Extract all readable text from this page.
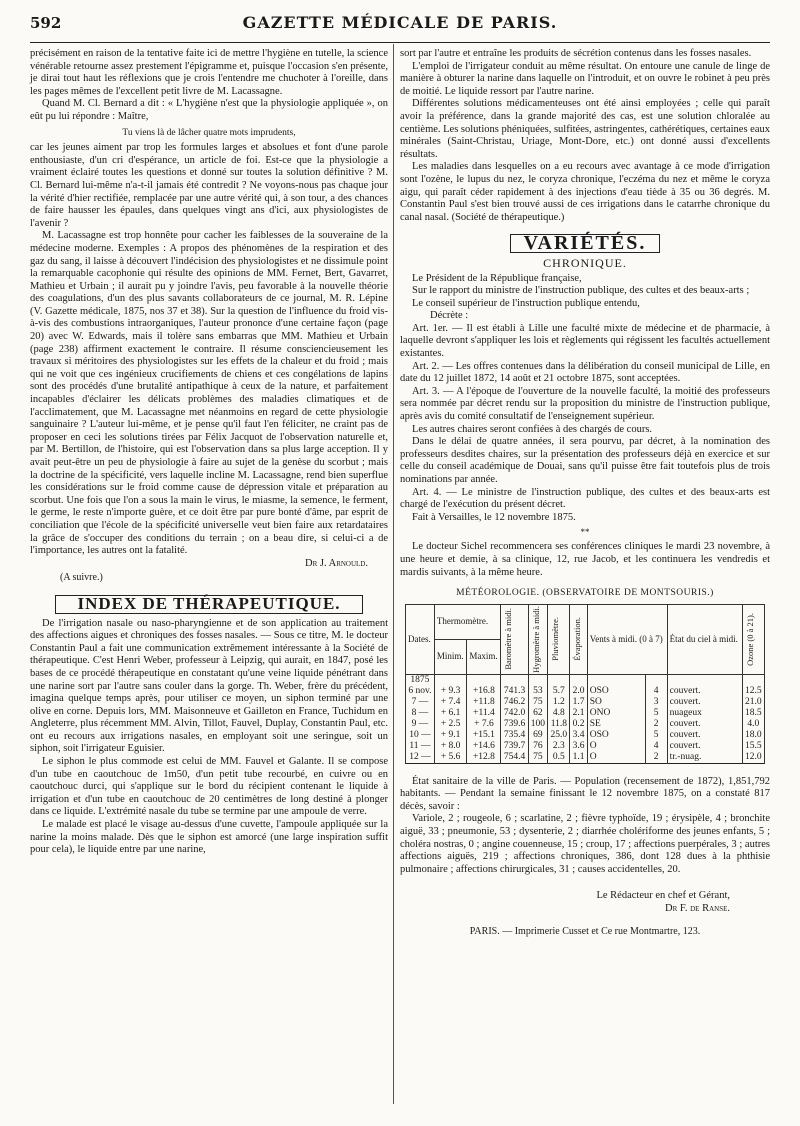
592	GAZETTE MÉDICALE DE PARIS.

précisément en raison de la tentative faite ici de mettre l'hygiène en tutelle, la science vénérable retourne assez prestement l'épigramme et, puisque l'occasion s'en présente, je dirai tout haut les réflexions que je crois l'entendre me chuchoter à l'oreille, dans les pages mêmes de l'excellent petit livre de M. Lacassagne.

Quand M. Cl. Bernard a dit : « L'hygiène n'est que la physiologie appliquée », on eût pu lui répondre : Maître,

Tu viens là de lâcher quatre mots imprudents,

car les jeunes aiment par trop les formules larges et absolues et font d'une parole enthousiaste, d'un cri d'espérance, un article de foi. Est-ce que la physiologie a vraiment éclairé toutes les questions et donné sur toutes la solution définitive ? M. Cl. Bernard lui-même n'a-t-il jamais été contredit ? Ne voyons-nous pas chaque jour la vérité d'hier rectifiée, remplacée par une autre vérité qui, à son tour, a des chances de faire hausser les épaules, dans quelques vingt ans d'ici, aux physiologistes de l'avenir ?

M. Lacassagne est trop honnête pour cacher les faiblesses de la souveraine de la médecine moderne. Exemples : A propos des phénomènes de la respiration et des gaz du sang, il laisse à découvert l'indécision des physiologistes et ne dissimule point la remarquable cacophonie qui résulte des opinions de MM. Fernet, Bert, Gavarret, Mathieu et Urbain ; il aurait pu y joindre l'avis, peu favorable à la nouvelle théorie des coagulations, d'un des plus savants collaborateurs de ce journal, M. R. Lépine (V. Gazette médicale, 1875, nos 37 et 38). Sur la question de l'influence du froid vis-à-vis des combustions intraorganiques, l'auteur prononce d'une certaine façon (page 20) avec W. Edwards, mais il tolère sans embarras que MM. Mathieu et Urbain (page 238) affirment exactement le contraire. Il résume consciencieusement les travaux si méritoires des physiologistes sur les effets de la chaleur et du froid ; mais qui ne voit que ces ingénieux crucifiements de chiens et ces congélations de lapins sont des procédés d'une brutalité antipathique à ceux de la nature, et parfaitement incapables d'éclairer les délicats problèmes des maladies climatiques et de l'acclimatement, que M. Lacassagne met néanmoins en regard de cette physiologie sanguinaire ? L'auteur lui-même, et je pense qu'il faut l'en féliciter, ne craint pas de proposer en ceci les solutions tirées par Félix Jacquot de l'observation naturelle et, par M. Bertillon, de l'histoire, qui est l'observation dans sa plus large acception. Il y avait peut-être un peu de physiologie à faire au sujet de la genèse du scorbut ; mais la doctrine de la spécificité, vers laquelle incline M. Lacassagne, rend bien superflue les considérations sur le froid comme cause de dépression vitale et préparation au scorbut. Une fois que l'on a sous la main le virus, le miasme, la semence, le ferment, le germe, le reste n'importe guère, et ce doit être par pure bonté d'âme, par esprit de conciliation que l'école de la spécificité universelle veut bien faire aux retardataires la grâce de s'occuper des conditions du terrain ; on a beau dire, si celui-ci a de l'importance, les autres ont la fatalité.

Dr J. Arnould.
(A suivre.)
INDEX DE THÉRAPEUTIQUE.

De l'irrigation nasale ou naso-pharyngienne et de son application au traitement des affections aigues et chroniques des fosses nasales. — Sous ce titre, M. le docteur Constantin Paul a fait une communication extrêmement intéressante à la Société de thérapeutique. C'est Henri Weber, professeur à Leipzig, qui aurait, en 1847, posé les bases de ce procédé thérapeutique en constatant qu'une veine liquide pénétrant dans une narine sort par l'autre sans couler dans la gorge. Th. Weber, frère du précédent, imagina quelque temps après, pour utiliser ce moyen, un siphon terminé par une olive en corne. Depuis lors, MM. Maisonneuve et Gailleton en France, Tuchidum en Angleterre, plus récemment MM. Alvin, Tillot, Fauvel, Duplay, Constantin Paul, etc. ont eu recours aux irrigations nasales, en employant soit une seringue, soit un siphon, soit l'irrigateur Eguisier.

Le siphon le plus commode est celui de MM. Fauvel et Galante. Il se compose d'un tube en caoutchouc de 1m50, d'un petit tube recourbé, en cuivre ou en caoutchouc durci, qui s'applique sur le bord du récipient contenant le liquide à irrigation et d'un tube en caoutchouc de 20 centimètres de long destiné à plonger dans ce liquide. L'extrémité nasale du tube se termine par une ampoule de verre.

Le malade est placé le visage au-dessus d'une cuvette, l'ampoule appliquée sur la narine la moins malade. Dès que le siphon est amorcé (une large inspiration suffit pour cela), le liquide entre par une narine,

sort par l'autre et entraîne les produits de sécrétion contenus dans les fosses nasales.

L'emploi de l'irrigateur conduit au même résultat. On entoure une canule de linge de manière à obturer la narine dans laquelle on l'introduit, et on ouvre le robinet à peu près de moitié. Le liquide ressort par l'autre narine.

Différentes solutions médicamenteuses ont été ainsi employées ; celle qui paraît avoir la préférence, dans la grande majorité des cas, est une solution chloralée au centième. Les solutions phéniquées, sulfitées, astringentes, cathérétiques, certaines eaux minérales (Saint-Christau, Uriage, Mont-Dore, etc.) ont donné aussi d'excellents résultats.

Les maladies dans lesquelles on a eu recours avec avantage à ce mode d'irrigation sont l'ozène, le lupus du nez, le coryza chronique, l'eczéma du nez et même le coryza aigu, qui paraît céder rapidement à des injections d'eau tiède à 35 ou 36 degrés. M. Constantin Paul s'est bien trouvé aussi de ces irrigations dans le catarrhe chronique du canal nasal. (Société de thérapeutique.)

VARIÉTÉS.
CHRONIQUE.

Le Président de la République française,

Sur le rapport du ministre de l'instruction publique, des cultes et des beaux-arts ;

Le conseil supérieur de l'instruction publique entendu,

Décrète :

Art. 1er. — Il est établi à Lille une faculté mixte de médecine et de pharmacie, à laquelle devront s'appliquer les lois et règlements qui régissent les facultés actuellement existantes.

Art. 2. — Les offres contenues dans la délibération du conseil municipal de Lille, en date du 12 juillet 1872, 14 août et 21 octobre 1875, sont acceptées.

Art. 3. — A l'époque de l'ouverture de la nouvelle faculté, la moitié des professeurs sera nommée par décret rendu sur la proposition du ministre de l'instruction publique, après avis du comité consultatif de l'enseignement supérieur.

Les autres chaires seront confiées à des chargés de cours.

Dans le délai de quatre années, il sera pourvu, par décret, à la nomination des professeurs desdites chaires, sur la présentation des professeurs déjà en exercice et sur celle du conseil académique de Douai, sans qu'il puisse être fait toutefois plus de trois nominations par année.

Art. 4. — Le ministre de l'instruction publique, des cultes et des beaux-arts est chargé de l'exécution du présent décret.

Fait à Versailles, le 12 novembre 1875.

**

Le docteur Sichel recommencera ses conférences cliniques le mardi 23 novembre, à une heure et demie, à sa clinique, 12, rue Jacob, et les continuera les vendredis et mardis suivants, à la même heure.

MÉTÉOROLOGIE. (OBSERVATOIRE DE MONTSOURIS.)
Dates.	Thermomètre.		Baromètre à midi.	Hygromètre à midi.	Pluviomètre.	Évaporation.	Vents à midi. (0 à 7)		État du ciel à midi.	Ozone (0 à 21).

	Minim.	Maxim.								
1875										
6 nov.	+ 9.3	+16.8	741.3	53	5.7	2.0	OSO	4	couvert.	12.5
7 —	+ 7.4	+11.8	746.2	75	1.2	1.7	SO	3	couvert.	21.0
8 —	+ 6.1	+11.4	742.0	62	4.8	2.1	ONO	5	nuageux	18.5
9 —	+ 2.5	+ 7.6	739.6	100	11.8	0.2	SE	2	couvert.	4.0
10 —	+ 9.1	+15.1	735.4	69	25.0	3.4	OSO	5	couvert.	18.0
11 —	+ 8.0	+14.6	739.7	76	2.3	3.6	O	4	couvert.	15.5
12 —	+ 5.6	+12.8	754.4	75	0.5	1.1	O	2	tr.-nuag.	12.0

État sanitaire de la ville de Paris. — Population (recensement de 1872), 1,851,792 habitants. — Pendant la semaine finissant le 12 novembre 1875, on a constaté 817 décès, savoir :

Variole, 2 ; rougeole, 6 ; scarlatine, 2 ; fièvre typhoïde, 19 ; érysipèle, 4 ; bronchite aiguë, 33 ; pneumonie, 53 ; dysenterie, 2 ; diarrhée cholériforme des jeunes enfants, 5 ; choléra nostras, 0 ; angine couenneuse, 15 ; croup, 17 ; affections puerpérales, 3 ; autres affections aiguës, 219 ; affections chroniques, 386, dont 128 dues à la phthisie pulmonaire ; affections chirurgicales, 31 ; causes accidentelles, 20.

Le Rédacteur en chef et Gérant,
Dr F. de Ranse.
PARIS. — Imprimerie Cusset et Ce rue Montmartre, 123.
